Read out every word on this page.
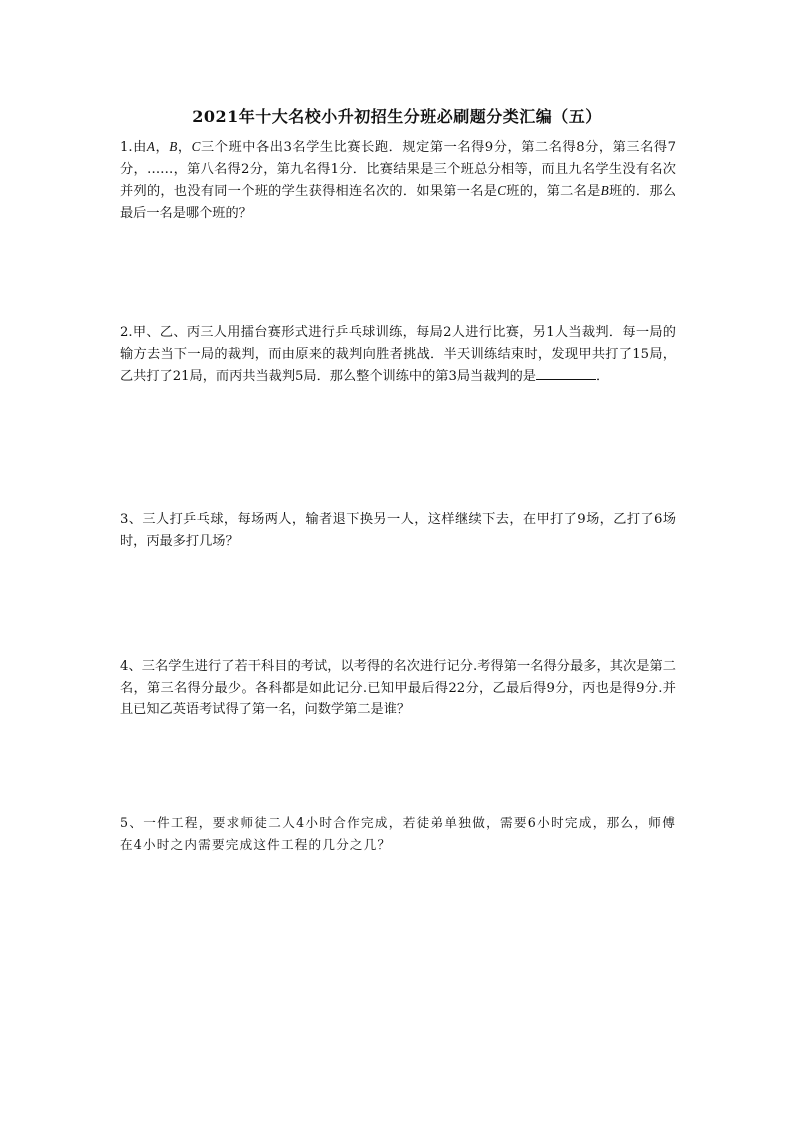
2021年十大名校小升初招生分班必刷题分类汇编（五）
1.由A，B，C三个班中各出3名学生比赛长跑．规定第一名得9分，第二名得8分，第三名得7分，……，第八名得2分，第九名得1分．比赛结果是三个班总分相等，而且九名学生没有名次并列的，也没有同一个班的学生获得相连名次的．如果第一名是C班的，第二名是B班的．那么最后一名是哪个班的？
2.甲、乙、丙三人用擂台赛形式进行乒乓球训练，每局2人进行比赛，另1人当裁判．每一局的输方去当下一局的裁判，而由原来的裁判向胜者挑战．半天训练结束时，发现甲共打了15局，乙共打了21局，而丙共当裁判5局．那么整个训练中的第3局当裁判的是	．
3、三人打乒乓球，每场两人，输者退下换另一人，这样继续下去，在甲打了9场，乙打了6场时，丙最多打几场？
4、三名学生进行了若干科目的考试，以考得的名次进行记分.考得第一名得分最多，其次是第二名，第三名得分最少。各科都是如此记分.已知甲最后得22分，乙最后得9分，丙也是得9分.并且已知乙英语考试得了第一名，问数学第二是谁？
5、一件工程，要求师徒二人4小时合作完成，若徒弟单独做，需要6小时完成，那么，师傅在4小时之内需要完成这件工程的几分之几？
